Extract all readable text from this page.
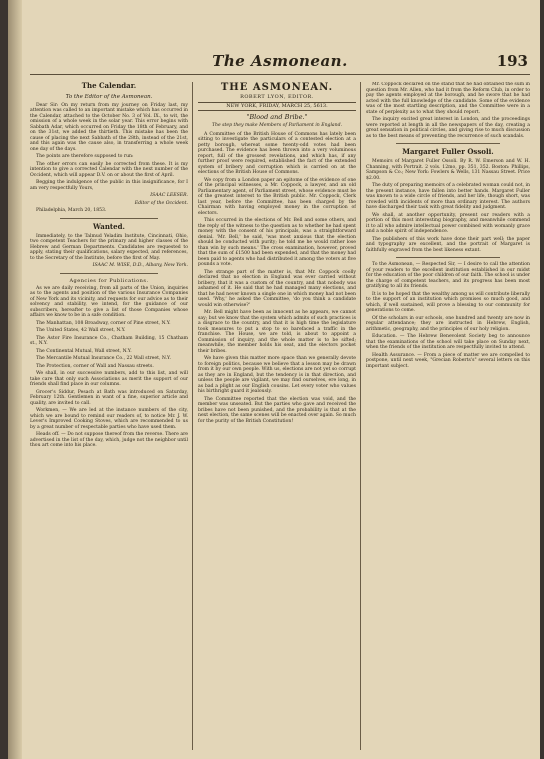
The Asmonean.	193
The Calendar.
To the Editor of the Asmonean.

Dear Sir: On my return from my journey on Friday last, my attention was called to an important mistake which has occurred in the Calendar, attached to the October No. 3 of Vol. IX., to wit, the omission of a whole week in the solar year. This error begins with Sabbath Adar, which occurred on Friday the 18th of February, and on the 31st, we added the thirtieth. This mistake has been the cause of placing the next Sabbath of the 28th, instead of the 21st, and this again was the cause also, in transferring a whole week one day of the days.

The points are therefore supposed to run:

The other errors can easily be corrected from these. It is my intention to give a corrected Calendar with the next number of the Occident, which will appear D.V. on or about the first of April.

Begging the indulgence of the public in this insignificance, for I am very respectfully Yours,

ISAAC LEESER.
Editor of the Occident.

Philadelphia, March 20, 1853.

Wanted.

Immediately, to the Talmud Yeladim Institute, Cincinnati, Ohio, two competent Teachers for the primary and higher classes of the Hebrew and German Departments. Candidates are requested to apply, stating their qualifications, salary expected, and references, to the Secretary of the Institute, before the first of May.

ISAAC M. WISE, D.D., Albany, New York.
Agencies for Publications.

As we are daily receiving, from all parts of the Union, inquiries as to the agents and position of the various Insurance Companies of New York and its vicinity, and requests for our advice as to their solvency and stability, we intend, for the guidance of our subscribers, hereafter to give a list of those Companies whose affairs we know to be in a safe condition.

The Manhattan, 108 Broadway, corner of Pine street, N.Y.

The United States, 42 Wall street, N.Y.

The Astor Fire Insurance Co., Chatham Building, 15 Chatham st., N.Y.

The Continental Mutual, Wall street, N.Y.

The Mercantile Mutual Insurance Co., 22 Wall street, N.Y.

The Protection, corner of Wall and Nassau streets.

We shall, in our successive numbers, add to this list, and will take care that only such Associations as merit the support of our friends shall find place in our columns.

Grocer's Siddur, Pesach at Bath was introduced on Saturday, February 12th. Gentlemen in want of a fine, superior article and quality, are invited to call.

Workmen, — We are led at the instance numbers of the city, which we are bound to remind our readers of, to notice Mr. J. W. Lever's Improved Cooking Stoves, which are recommended to us by a great number of respectable parties who have used them.

Heads off. — Do not suppose thereof from the reverse. There are advertised in the list of the day, which, judge not the neighbor until thou art come into his place.

THE ASMONEAN.
ROBERT LYON, EDITOR.
NEW YORK, FRIDAY, MARCH 25, 5613.
"Blood and Bribe."
The step they make Members of Parliament in England.

A Committee of the British House of Commons has lately been sitting to investigate the particulars of a contested election at a petty borough, whereat some twenty-odd votes had been purchased. The evidence has been thrown into a very voluminous report, full of the grossest revelations, and which has, if any further proof were required, established the fact of the extended system of bribery and corruption which is carried on at the elections of the British House of Commons.

We copy from a London paper an epitome of the evidence of one of the principal witnesses, a Mr. Coppock, a lawyer, and an old Parliamentary agent, of Parliament street, whose evidence must be of the greatest interest to the British public. Mr. Coppock, Clerk last year, before the Committee, has been charged by the Chairman with having employed money in the corruption of electors.

This occurred in the elections of Mr. Bell and some others, and the reply of the witness to the question as to whether he had spent money with the consent of his principals, was a straightforward denial. 'Mr. Bell,' he said, 'was most anxious that the election should be conducted with purity; he told me he would rather lose than win by such means.' The cross examination, however, proved that the sum of £1500 had been expended, and that the money had been paid to agents who had distributed it among the voters at five pounds a vote.

The strange part of the matter is, that Mr. Coppock coolly declared that no election in England was ever carried without bribery, that it was a custom of the country, and that nobody was ashamed of it. He said that he had managed many elections, and that he had never known a single one in which money had not been used. 'Why,' he asked the Committee, 'do you think a candidate would win otherwise?'

Mr. Bell might have been as innocent as he appears, we cannot say; but we know that the system which admits of such practices is a disgrace to the country, and that it is high time the legislature took measures to put a stop to so barefaced a traffic in the franchise. The House, we are told, is about to appoint a Commission of inquiry, and the whole matter is to be sifted; meanwhile, the member holds his seat, and the electors pocket their bribes.

We have given this matter more space than we generally devote to foreign politics, because we believe that a lesson may be drawn from it by our own people. With us, elections are not yet so corrupt as they are in England, but the tendency is in that direction, and unless the people are vigilant, we may find ourselves, ere long, in as bad a plight as our English cousins. Let every voter who values his birthright guard it jealously.

The Committee reported that the election was void, and the member was unseated. But the parties who gave and received the bribes have not been punished, and the probability is that at the next election, the same scenes will be enacted over again. So much for the purity of the British Constitution!

Mr. Coppock declared on the stand that he had obtained the sum in question from Mr. Allen, who had it from the Reform Club, in order to pay the agents employed at the borough, and he swore that he had acted with the full knowledge of the candidate. Some of the evidence was of the most startling description, and the Committee were in a state of perplexity as to what they should report.

The inquiry excited great interest in London, and the proceedings were reported at length in all the newspapers of the day, creating a great sensation in political circles, and giving rise to much discussion as to the best means of preventing the recurrence of such scandals.

Margaret Fuller Ossoli.

Memoirs of Margaret Fuller Ossoli. By R. W. Emerson and W. H. Channing, with Portrait. 2 vols. 12mo, pp. 351, 352. Boston: Phillips, Sampson & Co.; New York: Fowlers & Wells, 131 Nassau Street. Price $2.00.

The duty of preparing memoirs of a celebrated woman could not, in the present instance, have fallen into better hands. Margaret Fuller was known to a wide circle of friends, and her life, though short, was crowded with incidents of more than ordinary interest. The authors have discharged their task with great fidelity and judgment.

We shall, at another opportunity, present our readers with a portion of this most interesting biography, and meanwhile commend it to all who admire intellectual power combined with womanly grace and a noble spirit of independence.

The publishers of this work have done their part well; the paper and typography are excellent, and the portrait of Margaret is faithfully engraved from the best likeness extant.

To the Asmonean, — Respected Sir, — I desire to call the attention of your readers to the excellent institution established in our midst for the education of the poor children of our faith. The school is under the charge of competent teachers, and its progress has been most gratifying to all its friends.

It is to be hoped that the wealthy among us will contribute liberally to the support of an institution which promises so much good, and which, if well sustained, will prove a blessing to our community for generations to come.

Of the scholars in our schools, one hundred and twenty are now in regular attendance; they are instructed in Hebrew, English, arithmetic, geography, and the principles of our holy religion.

Education. — The Hebrew Benevolent Society beg to announce that the examinations of the school will take place on Sunday next, when the friends of the institution are respectfully invited to attend.

Health Assurance. — From a piece of matter we are compelled to postpone, until next week, "Grecian Roberts's" several letters on this important subject.
